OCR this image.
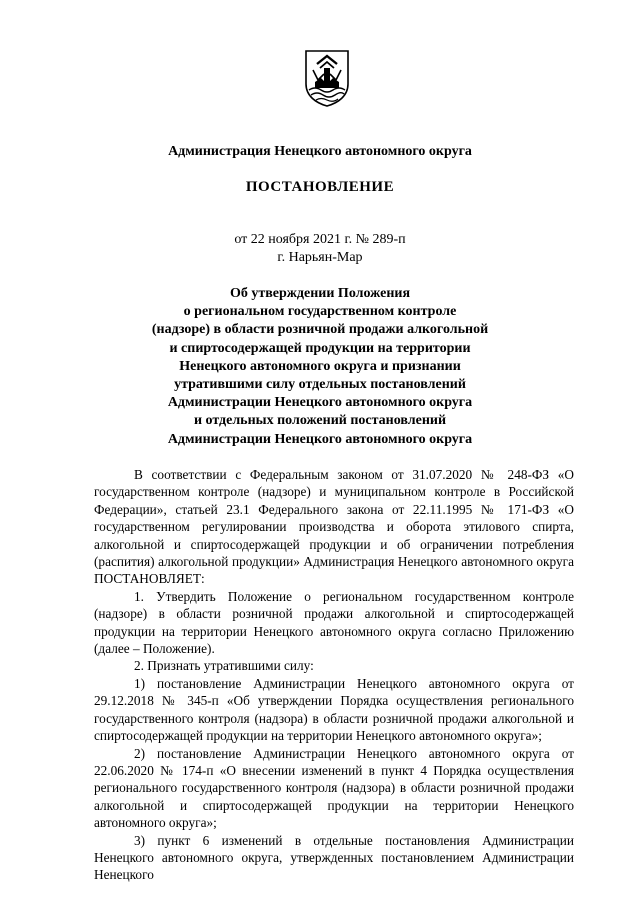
Администрация Ненецкого автономного округа
ПОСТАНОВЛЕНИЕ
от 22 ноября 2021 г. № 289-п
г. Нарьян-Мар
Об утверждении Положения
о региональном государственном контроле
(надзоре) в области розничной продажи алкогольной
и спиртосодержащей продукции на территории
Ненецкого автономного округа и признании
утратившими силу отдельных постановлений
Администрации Ненецкого автономного округа
и отдельных положений постановлений
Администрации Ненецкого автономного округа

В соответствии с Федеральным законом от 31.07.2020 № 248-ФЗ «О государственном контроле (надзоре) и муниципальном контроле в Российской Федерации», статьей 23.1 Федерального закона от 22.11.1995 № 171-ФЗ «О государственном регулировании производства и оборота этилового спирта, алкогольной и спиртосодержащей продукции и об ограничении потребления (распития) алкогольной продукции» Администрация Ненецкого автономного округа ПОСТАНОВЛЯЕТ:

1. Утвердить Положение о региональном государственном контроле (надзоре) в области розничной продажи алкогольной и спиртосодержащей продукции на территории Ненецкого автономного округа согласно Приложению (далее – Положение).

2. Признать утратившими силу:

1) постановление Администрации Ненецкого автономного округа от 29.12.2018 № 345-п «Об утверждении Порядка осуществления регионального государственного контроля (надзора) в области розничной продажи алкогольной и спиртосодержащей продукции на территории Ненецкого автономного округа»;

2) постановление Администрации Ненецкого автономного округа от 22.06.2020 № 174-п «О внесении изменений в пункт 4 Порядка осуществления регионального государственного контроля (надзора) в области розничной продажи алкогольной и спиртосодержащей продукции на территории Ненецкого автономного округа»;

3) пункт 6 изменений в отдельные постановления Администрации Ненецкого автономного округа, утвержденных постановлением Администрации Ненецкого
